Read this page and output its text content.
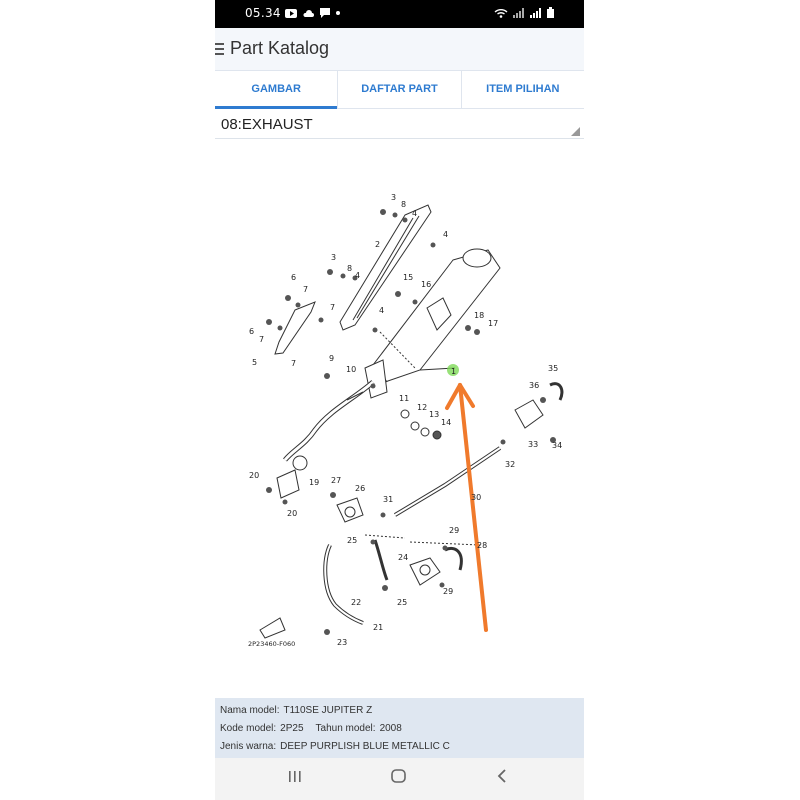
05.34
Part Katalog
GAMBAR	DAFTAR PART	ITEM PILIHAN
08:EXHAUST
1
2
3
3
4
4
4
4
5
6
6
7
7
7
7
8
8
9
10
11
12
13
14
15
16
17
18
19
20
20
21
22
23
24
25
25
26
27
28
29
29
30
31
32
33 34
35
36
2P23460-F060
Nama model: T110SE JUPITER Z
Kode model: 2P25 Tahun model: 2008
Jenis warna: DEEP PURPLISH BLUE METALLIC C
